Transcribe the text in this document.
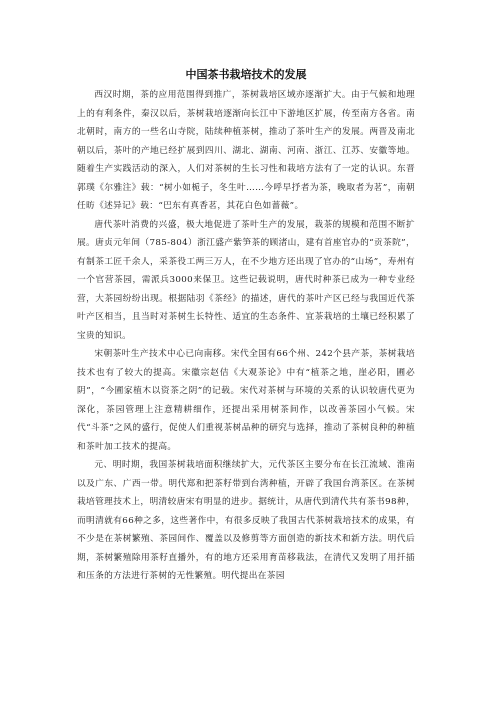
中国茶书栽培技术的发展

西汉时期，茶的应用范围得到推广，茶树栽培区域亦逐渐扩大。由于气候和地理上的有利条件，秦汉以后，茶树栽培逐渐向长江中下游地区扩展，传至南方各省。南北朝时，南方的一些名山寺院，陆续种植茶树，推动了茶叶生产的发展。两晋及南北朝以后，茶叶的产地已经扩展到四川、湖北、湖南、河南、浙江、江苏、安徽等地。随着生产实践活动的深入，人们对茶树的生长习性和栽培方法有了一定的认识。东晋郭璞《尔雅注》载：“树小如栀子，冬生叶……今呼早抒者为茶，晚取者为茗”，南朝任昉《述异记》载：“巴东有真香茗，其花白色如蔷薇”。

唐代茶叶消费的兴盛，极大地促进了茶叶生产的发展，栽茶的规模和范围不断扩展。唐贞元年间（785-804）浙江盛产紫笋茶的顾渚山，建有首座官办的“贡茶院”，有制茶工匠千余人，采茶役工两三万人，在不少地方还出现了官办的“山场”，寿州有一个官营茶园，需派兵3000来保卫。这些记载说明，唐代时种茶已成为一种专业经营，大茶园纷纷出现。根据陆羽《茶经》的描述，唐代的茶叶产区已经与我国近代茶叶产区相当，且当时对茶树生长特性、适宜的生态条件、宜茶栽培的土壤已经积累了宝贵的知识。

宋朝茶叶生产技术中心已向南移。宋代全国有66个州、242个县产茶，茶树栽培技术也有了较大的提高。宋徽宗赵佶《大观茶论》中有“植茶之地，崖必阳，圃必阴”，“今圃家植木以资茶之阴”的记载。宋代对茶树与环境的关系的认识较唐代更为深化，茶园管理上注意精耕细作，还提出采用树茶间作，以改善茶园小气候。宋代“斗茶”之风的盛行，促使人们重视茶树品种的研究与选择，推动了茶树良种的种植和茶叶加工技术的提高。

元、明时期，我国茶树栽培面积继续扩大，元代茶区主要分布在长江流域、淮南以及广东、广西一带。明代郑和把茶籽带到台湾种植，开辟了我国台湾茶区。在茶树栽培管理技术上，明清较唐宋有明显的进步。据统计，从唐代到清代共有茶书98种，而明清就有66种之多，这些著作中，有很多反映了我国古代茶树栽培技术的成果，有不少是在茶树繁殖、茶园间作、覆盖以及修剪等方面创造的新技术和新方法。明代后期，茶树繁殖除用茶籽直播外，有的地方还采用育苗移栽法，在清代又发明了用扦插和压条的方法进行茶树的无性繁殖。明代提出在茶园
